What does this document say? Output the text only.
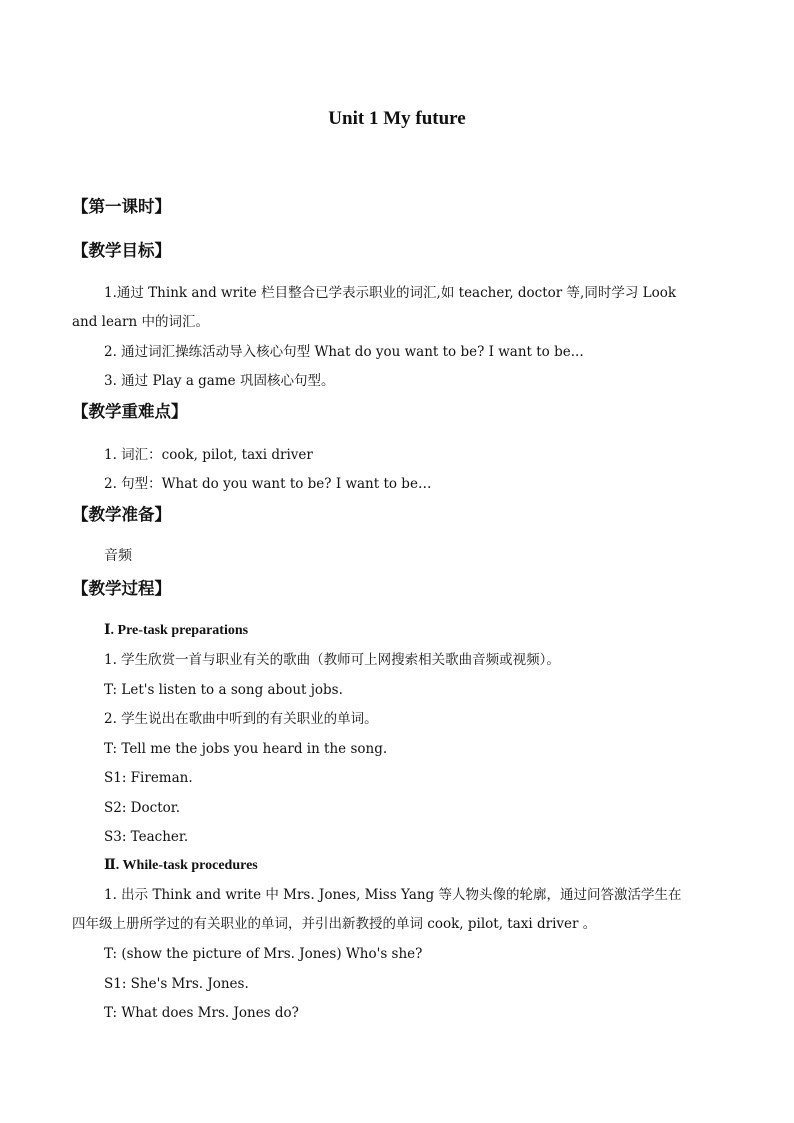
Unit 1 My future
【第一课时】
【教学目标】
1.通过 Think and write 栏目整合已学表示职业的词汇,如 teacher, doctor 等,同时学习 Look
and learn 中的词汇。
2. 通过词汇操练活动导入核心句型 What do you want to be? I want to be...
3. 通过 Play a game 巩固核心句型。
【教学重难点】
1. 词汇：cook, pilot, taxi driver
2. 句型：What do you want to be? I want to be…
【教学准备】
音频
【教学过程】
Ⅰ. Pre-task preparations
1. 学生欣赏一首与职业有关的歌曲（教师可上网搜索相关歌曲音频或视频）。
T: Let's listen to a song about jobs.
2. 学生说出在歌曲中听到的有关职业的单词。
T: Tell me the jobs you heard in the song.
S1: Fireman.
S2: Doctor.
S3: Teacher.
Ⅱ. While-task procedures
1. 出示 Think and write 中 Mrs. Jones, Miss Yang 等人物头像的轮廓，通过问答激活学生在
四年级上册所学过的有关职业的单词，并引出新教授的单词 cook, pilot, taxi driver 。
T: (show the picture of Mrs. Jones) Who's she?
S1: She's Mrs. Jones.
T: What does Mrs. Jones do?
